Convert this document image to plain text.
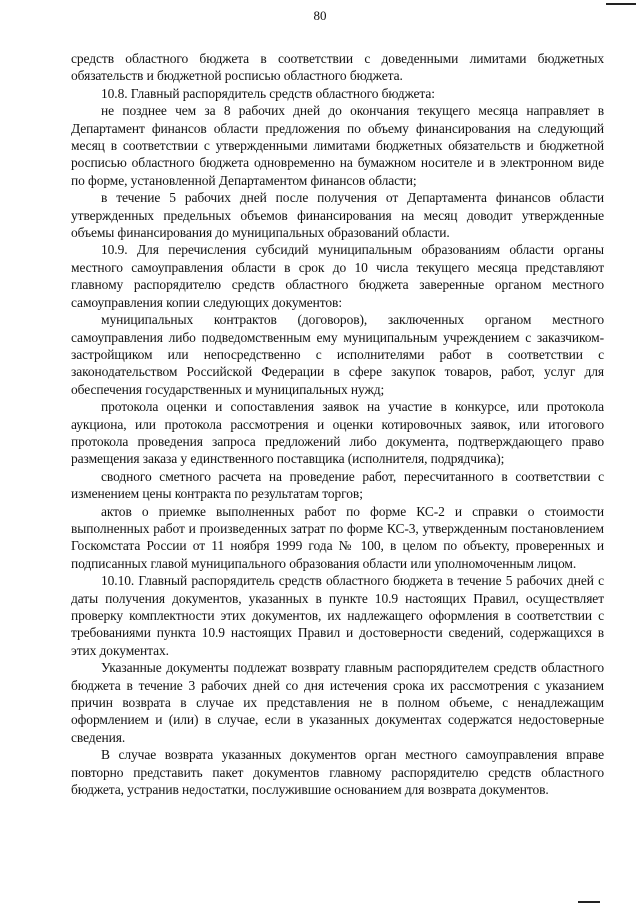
80

средств областного бюджета в соответствии с доведенными лимитами бюджетных обязательств и бюджетной росписью областного бюджета.

10.8. Главный распорядитель средств областного бюджета:

не позднее чем за 8 рабочих дней до окончания текущего месяца направляет в Департамент финансов области предложения по объему финансирования на следующий месяц в соответствии с утвержденными лимитами бюджетных обязательств и бюджетной росписью областного бюджета одновременно на бумажном носителе и в электронном виде по форме, установленной Департаментом финансов области;

в течение 5 рабочих дней после получения от Департамента финансов области утвержденных предельных объемов финансирования на месяц доводит утвержденные объемы финансирования до муниципальных образований области.

10.9. Для перечисления субсидий муниципальным образованиям области органы местного самоуправления области в срок до 10 числа текущего месяца представляют главному распорядителю средств областного бюджета заверенные органом местного самоуправления копии следующих документов:

муниципальных контрактов (договоров), заключенных органом местного самоуправления либо подведомственным ему муниципальным учреждением с заказчиком-застройщиком или непосредственно с исполнителями работ в соответствии с законодательством Российской Федерации в сфере закупок товаров, работ, услуг для обеспечения государственных и муниципальных нужд;

протокола оценки и сопоставления заявок на участие в конкурсе, или протокола аукциона, или протокола рассмотрения и оценки котировочных заявок, или итогового протокола проведения запроса предложений либо документа, подтверждающего право размещения заказа у единственного поставщика (исполнителя, подрядчика);

сводного сметного расчета на проведение работ, пересчитанного в соответствии с изменением цены контракта по результатам торгов;

актов о приемке выполненных работ по форме КС-2 и справки о стоимости выполненных работ и произведенных затрат по форме КС-3, утвержденным постановлением Госкомстата России от 11 ноября 1999 года № 100, в целом по объекту, проверенных и подписанных главой муниципального образования области или уполномоченным лицом.

10.10. Главный распорядитель средств областного бюджета в течение 5 рабочих дней с даты получения документов, указанных в пункте 10.9 настоящих Правил, осуществляет проверку комплектности этих документов, их надлежащего оформления в соответствии с требованиями пункта 10.9 настоящих Правил и достоверности сведений, содержащихся в этих документах.

Указанные документы подлежат возврату главным распорядителем средств областного бюджета в течение 3 рабочих дней со дня истечения срока их рассмотрения с указанием причин возврата в случае их представления не в полном объеме, с ненадлежащим оформлением и (или) в случае, если в указанных документах содержатся недостоверные сведения.

В случае возврата указанных документов орган местного самоуправления вправе повторно представить пакет документов главному распорядителю средств областного бюджета, устранив недостатки, послужившие основанием для возврата документов.
